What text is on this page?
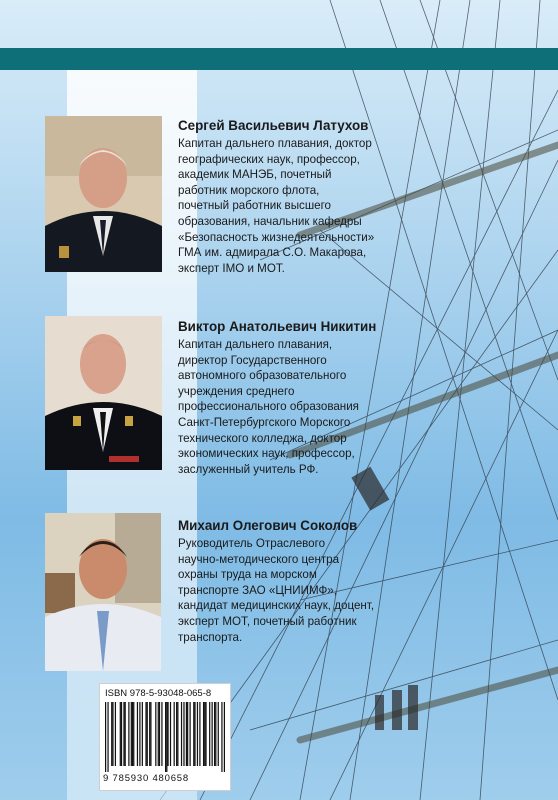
Сергей Васильевич Латухов
Капитан дальнего плавания, доктор
географических наук, профессор,
академик МАНЭБ, почетный
работник морского флота,
почетный работник высшего
образования, начальник кафедры
«Безопасность жизнедеятельности»
ГМА им. адмирала С.О. Макарова,
эксперт IMO и МОТ.
Виктор Анатольевич Никитин
Капитан дальнего плавания,
директор Государственного
автономного образовательного
учреждения среднего
профессионального образования
Санкт-Петербургского Морского
технического колледжа, доктор
экономических наук, профессор,
заслуженный учитель РФ.
Михаил Олегович Соколов
Руководитель Отраслевого
научно-методического центра
охраны труда на морском
транспорте ЗАО «ЦНИИМФ»,
кандидат медицинских наук, доцент,
эксперт МОТ, почетный работник
транспорта.
ISBN 978-5-93048-065-8
9 785930 480658
